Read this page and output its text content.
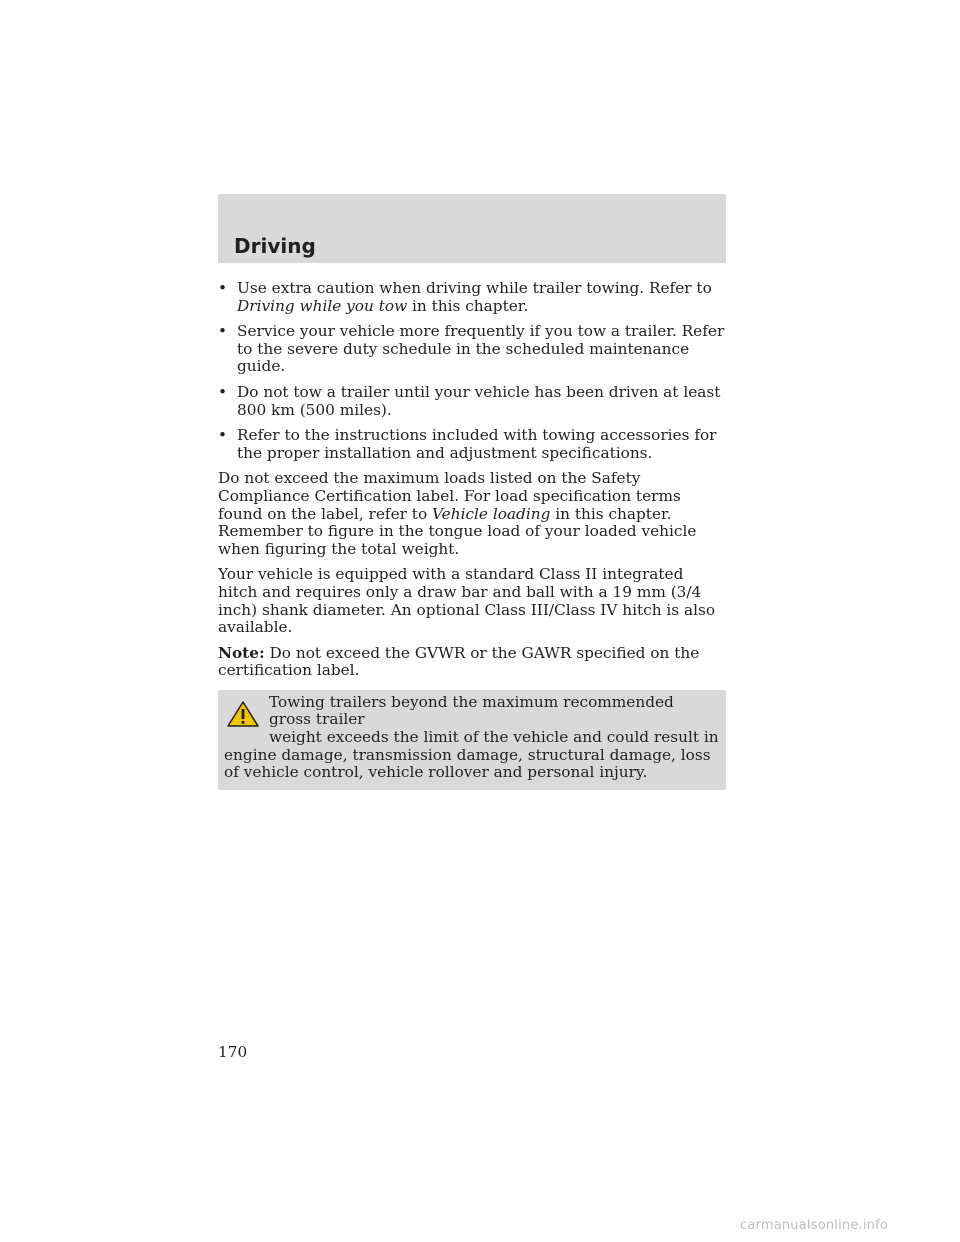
Driving
• Use extra caution when driving while trailer towing. Refer to Driving while you tow in this chapter.
• Service your vehicle more frequently if you tow a trailer. Refer to the severe duty schedule in the scheduled maintenance guide.
• Do not tow a trailer until your vehicle has been driven at least 800 km (500 miles).
• Refer to the instructions included with towing accessories for the proper installation and adjustment specifications.

Do not exceed the maximum loads listed on the Safety Compliance Certification label. For load specification terms found on the label, refer to Vehicle loading in this chapter. Remember to figure in the tongue load of your loaded vehicle when figuring the total weight.

Your vehicle is equipped with a standard Class II integrated hitch and requires only a draw bar and ball with a 19 mm (3/4 inch) shank diameter. An optional Class III/Class IV hitch is also available.

Note: Do not exceed the GVWR or the GAWR specified on the certification label.

Towing trailers beyond the maximum recommended gross trailer
weight exceeds the limit of the vehicle and could result in
engine damage, transmission damage, structural damage, loss of vehicle control, vehicle rollover and personal injury.
170
carmanualsonline.info
